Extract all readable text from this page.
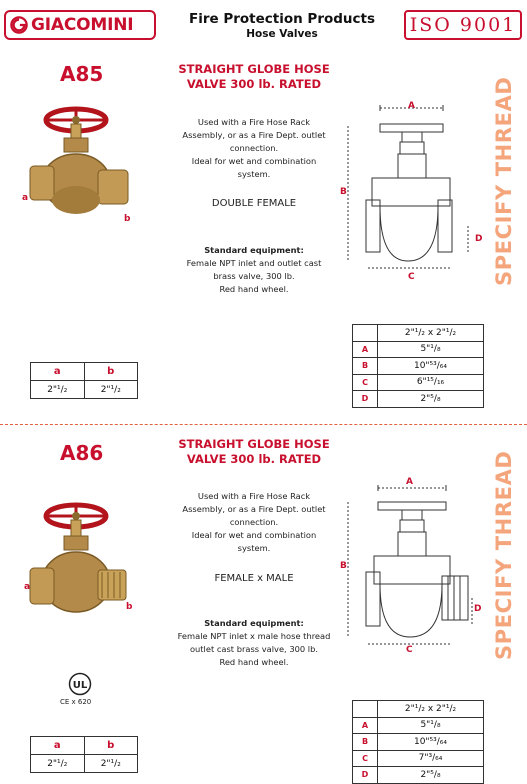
GIACOMINI	Fire Protection Products
Hose Valves	ISO 9001
A85
a
b
STRAIGHT GLOBE HOSE
VALVE 300 lb. RATED
Used with a Fire Hose Rack
Assembly, or as a Fire Dept. outlet
connection.
Ideal for wet and combination
system.
DOUBLE FEMALE
Standard equipment:
Female NPT inlet and outlet cast
brass valve, 300 lb.
Red hand wheel.
A
B
C
D SPECIFY THREAD
a	b
2"¹/₂	2"¹/₂
	2"¹/₂ x 2"¹/₂
A	5"¹/₈
B	10"⁵³/₆₄
C	6"¹⁵/₁₆
D	2"⁵/₈
A86
a
b
UL
CE x 620
STRAIGHT GLOBE HOSE
VALVE 300 lb. RATED
Used with a Fire Hose Rack
Assembly, or as a Fire Dept. outlet
connection.
Ideal for wet and combination
system.
FEMALE x MALE
Standard equipment:
Female NPT inlet x male hose thread
outlet cast brass valve, 300 lb.
Red hand wheel.
A
B
C
D SPECIFY THREAD
a	b
2"¹/₂	2"¹/₂
	2"¹/₂ x 2"¹/₂
A	5"¹/₈
B	10"⁵³/₆₄
C	7"³/₆₄
D	2"⁵/₈
